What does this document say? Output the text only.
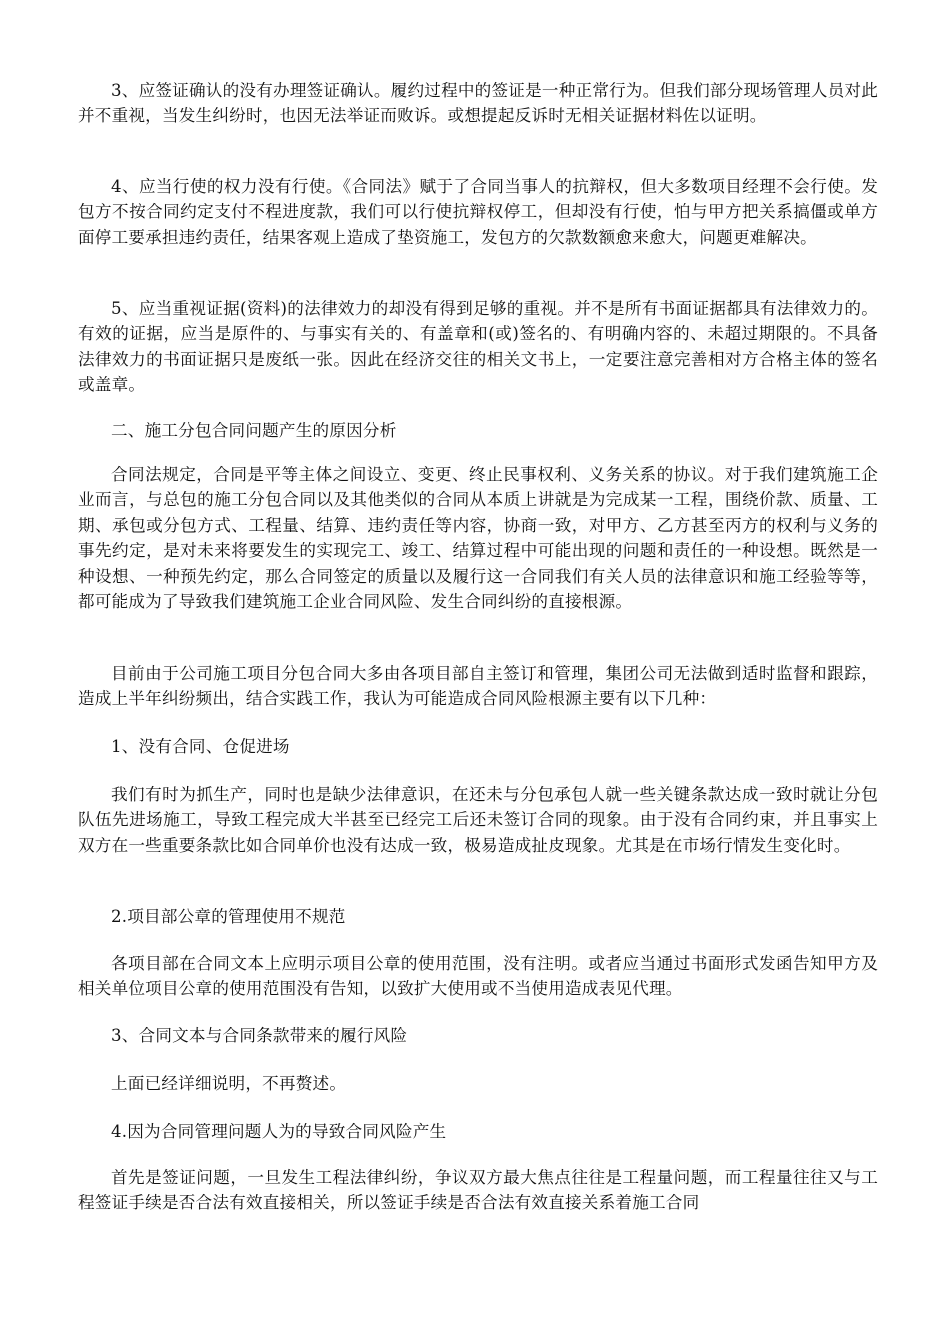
3、应签证确认的没有办理签证确认。履约过程中的签证是一种正常行为。但我们部分现场管理人员对此并不重视，当发生纠纷时，也因无法举证而败诉。或想提起反诉时无相关证据材料佐以证明。

4、应当行使的权力没有行使。《合同法》赋于了合同当事人的抗辩权，但大多数项目经理不会行使。发包方不按合同约定支付不程进度款，我们可以行使抗辩权停工，但却没有行使，怕与甲方把关系搞僵或单方面停工要承担违约责任，结果客观上造成了垫资施工，发包方的欠款数额愈来愈大，问题更难解决。

5、应当重视证据(资料)的法律效力的却没有得到足够的重视。并不是所有书面证据都具有法律效力的。有效的证据，应当是原件的、与事实有关的、有盖章和(或)签名的、有明确内容的、未超过期限的。不具备法律效力的书面证据只是废纸一张。因此在经济交往的相关文书上，一定要注意完善相对方合格主体的签名或盖章。

二、施工分包合同问题产生的原因分析

合同法规定，合同是平等主体之间设立、变更、终止民事权利、义务关系的协议。对于我们建筑施工企业而言，与总包的施工分包合同以及其他类似的合同从本质上讲就是为完成某一工程，围绕价款、质量、工期、承包或分包方式、工程量、结算、违约责任等内容，协商一致，对甲方、乙方甚至丙方的权利与义务的事先约定，是对未来将要发生的实现完工、竣工、结算过程中可能出现的问题和责任的一种设想。既然是一种设想、一种预先约定，那么合同签定的质量以及履行这一合同我们有关人员的法律意识和施工经验等等，都可能成为了导致我们建筑施工企业合同风险、发生合同纠纷的直接根源。

目前由于公司施工项目分包合同大多由各项目部自主签订和管理，集团公司无法做到适时监督和跟踪，造成上半年纠纷频出，结合实践工作，我认为可能造成合同风险根源主要有以下几种：

1、没有合同、仓促进场

我们有时为抓生产，同时也是缺少法律意识，在还未与分包承包人就一些关键条款达成一致时就让分包队伍先进场施工，导致工程完成大半甚至已经完工后还未签订合同的现象。由于没有合同约束，并且事实上双方在一些重要条款比如合同单价也没有达成一致，极易造成扯皮现象。尤其是在市场行情发生变化时。

2.项目部公章的管理使用不规范

各项目部在合同文本上应明示项目公章的使用范围，没有注明。或者应当通过书面形式发函告知甲方及相关单位项目公章的使用范围没有告知，以致扩大使用或不当使用造成表见代理。

3、合同文本与合同条款带来的履行风险

上面已经详细说明，不再赘述。

4.因为合同管理问题人为的导致合同风险产生

首先是签证问题，一旦发生工程法律纠纷，争议双方最大焦点往往是工程量问题，而工程量往往又与工程签证手续是否合法有效直接相关，所以签证手续是否合法有效直接关系着施工合同
